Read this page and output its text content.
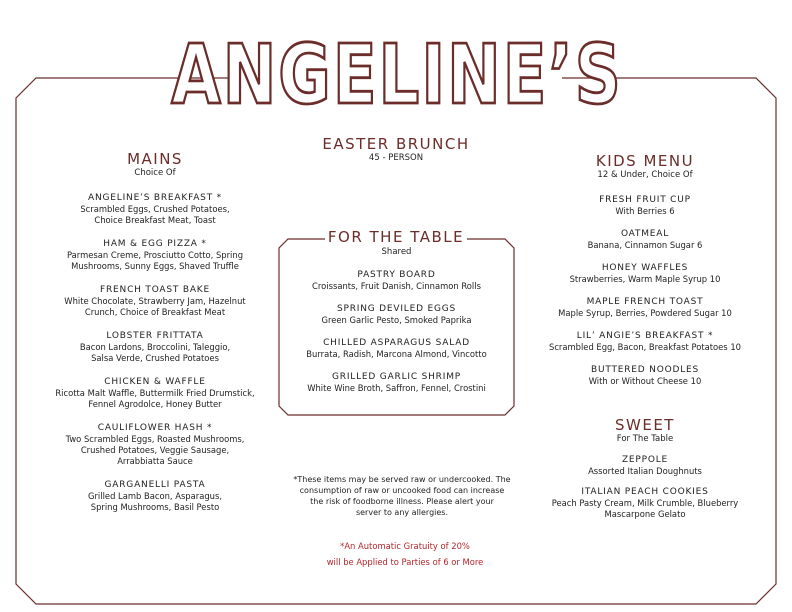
ANGELINE’S
EASTER BRUNCH
45 - PERSON
MAINS
Choice Of
ANGELINE’S BREAKFAST *
Scrambled Eggs, Crushed Potatoes,
Choice Breakfast Meat, Toast
HAM & EGG PIZZA *
Parmesan Creme, Prosciutto Cotto, Spring
Mushrooms, Sunny Eggs, Shaved Truffle
FRENCH TOAST BAKE
White Chocolate, Strawberry Jam, Hazelnut
Crunch, Choice of Breakfast Meat
LOBSTER FRITTATA
Bacon Lardons, Broccolini, Taleggio,
Salsa Verde, Crushed Potatoes
CHICKEN & WAFFLE
Ricotta Malt Waffle, Buttermilk Fried Drumstick,
Fennel Agrodolce, Honey Butter
CAULIFLOWER HASH *
Two Scrambled Eggs, Roasted Mushrooms,
Crushed Potatoes, Veggie Sausage,
Arrabbiatta Sauce
GARGANELLI PASTA
Grilled Lamb Bacon, Asparagus,
Spring Mushrooms, Basil Pesto
FOR THE TABLE
Shared
PASTRY BOARD
Croissants, Fruit Danish, Cinnamon Rolls
SPRING DEVILED EGGS
Green Garlic Pesto, Smoked Paprika
CHILLED ASPARAGUS SALAD
Burrata, Radish, Marcona Almond, Vincotto
GRILLED GARLIC SHRIMP
White Wine Broth, Saffron, Fennel, Crostini
KIDS MENU
12 & Under, Choice Of
FRESH FRUIT CUP
With Berries 6
OATMEAL
Banana, Cinnamon Sugar 6
HONEY WAFFLES
Strawberries, Warm Maple Syrup 10
MAPLE FRENCH TOAST
Maple Syrup, Berries, Powdered Sugar 10
LIL’ ANGIE’S BREAKFAST *
Scrambled Egg, Bacon, Breakfast Potatoes 10
BUTTERED NOODLES
With or Without Cheese 10
SWEET
For The Table
ZEPPOLE
Assorted Italian Doughnuts
ITALIAN PEACH COOKIES
Peach Pasty Cream, Milk Crumble, Blueberry
Mascarpone Gelato
*These items may be served raw or undercooked. The
consumption of raw or uncooked food can increase
the risk of foodborne illness. Please alert your
server to any allergies.
*An Automatic Gratuity of 20%
will be Applied to Parties of 6 or More
